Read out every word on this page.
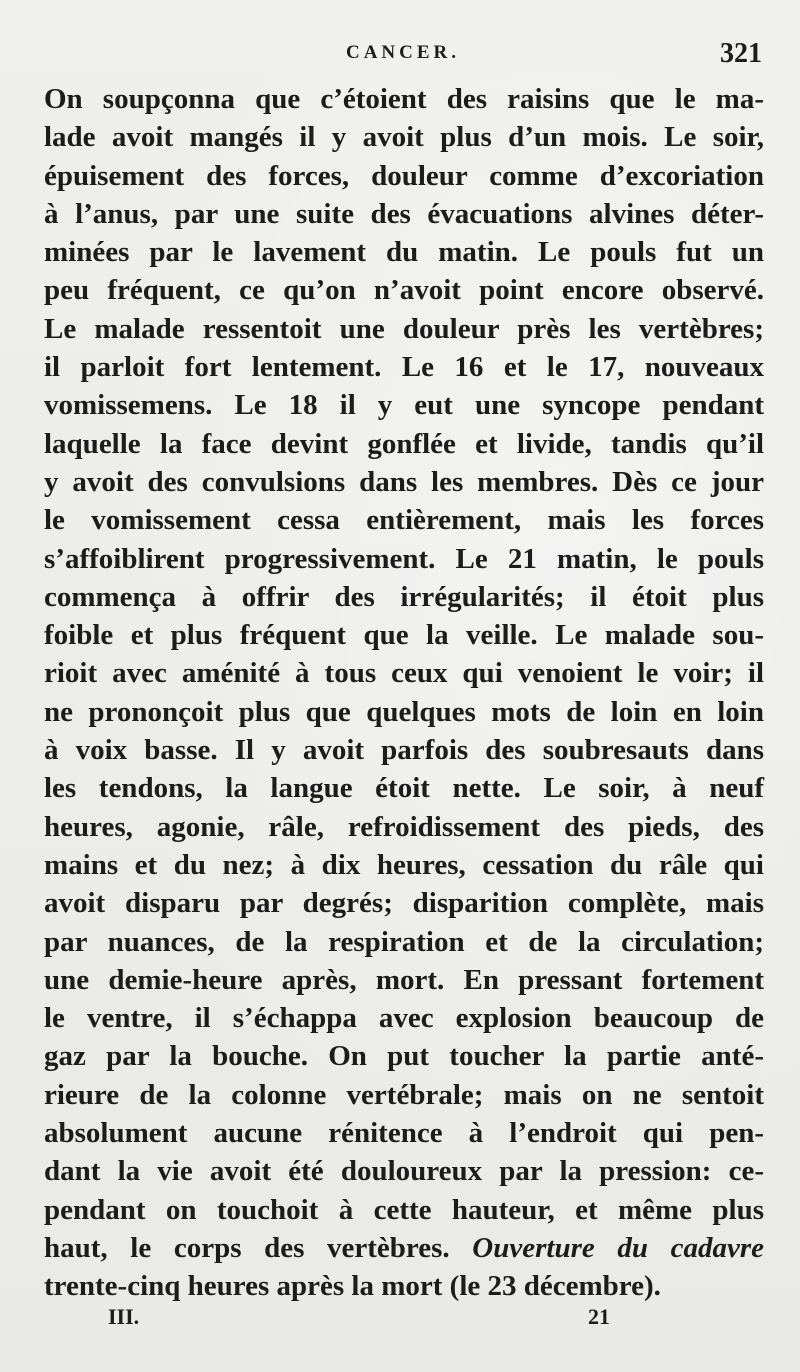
CANCER.	321
On soupçonna que c’étoient des raisins que le ma-
lade avoit mangés il y avoit plus d’un mois. Le soir,
épuisement des forces, douleur comme d’excoriation
à l’anus, par une suite des évacuations alvines déter-
minées par le lavement du matin. Le pouls fut un
peu fréquent, ce qu’on n’avoit point encore observé.
Le malade ressentoit une douleur près les vertèbres;
il parloit fort lentement. Le 16 et le 17, nouveaux
vomissemens. Le 18 il y eut une syncope pendant
laquelle la face devint gonflée et livide, tandis qu’il
y avoit des convulsions dans les membres. Dès ce jour
le vomissement cessa entièrement, mais les forces
s’affoiblirent progressivement. Le 21 matin, le pouls
commença à offrir des irrégularités; il étoit plus
foible et plus fréquent que la veille. Le malade sou-
rioit avec aménité à tous ceux qui venoient le voir; il
ne prononçoit plus que quelques mots de loin en loin
à voix basse. Il y avoit parfois des soubresauts dans
les tendons, la langue étoit nette. Le soir, à neuf
heures, agonie, râle, refroidissement des pieds, des
mains et du nez; à dix heures, cessation du râle qui
avoit disparu par degrés; disparition complète, mais
par nuances, de la respiration et de la circulation;
une demie-heure après, mort. En pressant fortement
le ventre, il s’échappa avec explosion beaucoup de
gaz par la bouche. On put toucher la partie anté-
rieure de la colonne vertébrale; mais on ne sentoit
absolument aucune rénitence à l’endroit qui pen-
dant la vie avoit été douloureux par la pression: ce-
pendant on touchoit à cette hauteur, et même plus
haut, le corps des vertèbres. Ouverture du cadavre
trente-cinq heures après la mort (le 23 décembre).
III.	21
